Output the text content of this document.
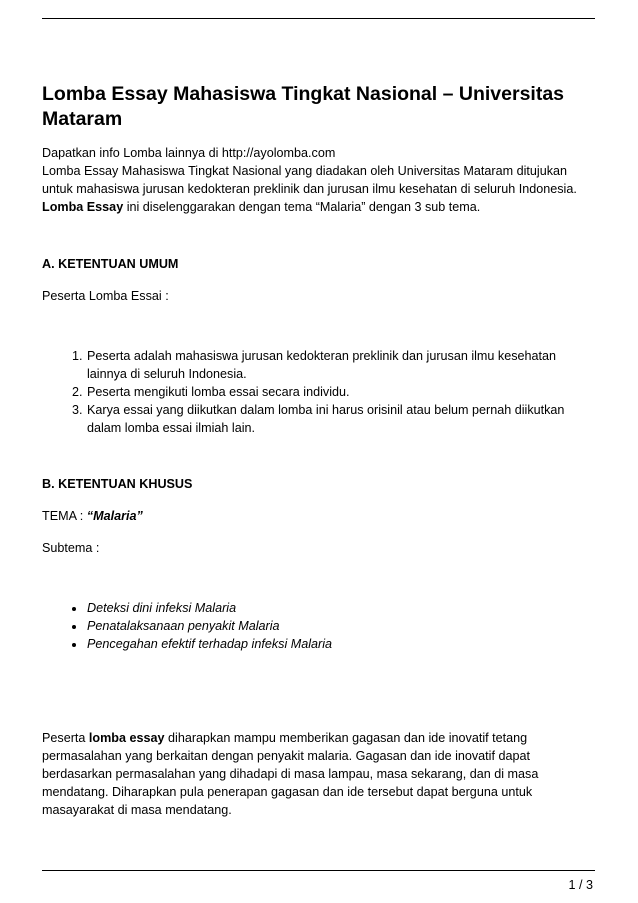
Lomba Essay Mahasiswa Tingkat Nasional – Universitas Mataram

Dapatkan info Lomba lainnya di http://ayolomba.com

Lomba Essay Mahasiswa Tingkat Nasional yang diadakan oleh Universitas Mataram ditujukan untuk mahasiswa jurusan kedokteran preklinik dan jurusan ilmu kesehatan di seluruh Indonesia.

Lomba Essay ini diselenggarakan dengan tema “Malaria” dengan 3 sub tema.

A. KETENTUAN UMUM

Peserta Lomba Essai :

1. Peserta adalah mahasiswa jurusan kedokteran preklinik dan jurusan ilmu kesehatan lainnya di seluruh Indonesia.
2. Peserta mengikuti lomba essai secara individu.
3. Karya essai yang diikutkan dalam lomba ini harus orisinil atau belum pernah diikutkan dalam lomba essai ilmiah lain.
B. KETENTUAN KHUSUS

TEMA : “Malaria”

Subtema :

• Deteksi dini infeksi Malaria
• Penatalaksanaan penyakit Malaria
• Pencegahan efektif terhadap infeksi Malaria

Peserta lomba essay diharapkan mampu memberikan gagasan dan ide inovatif tetang permasalahan yang berkaitan dengan penyakit malaria. Gagasan dan ide inovatif dapat berdasarkan permasalahan yang dihadapi di masa lampau, masa sekarang, dan di masa mendatang. Diharapkan pula penerapan gagasan dan ide tersebut dapat berguna untuk masayarakat di masa mendatang.

1 / 3
